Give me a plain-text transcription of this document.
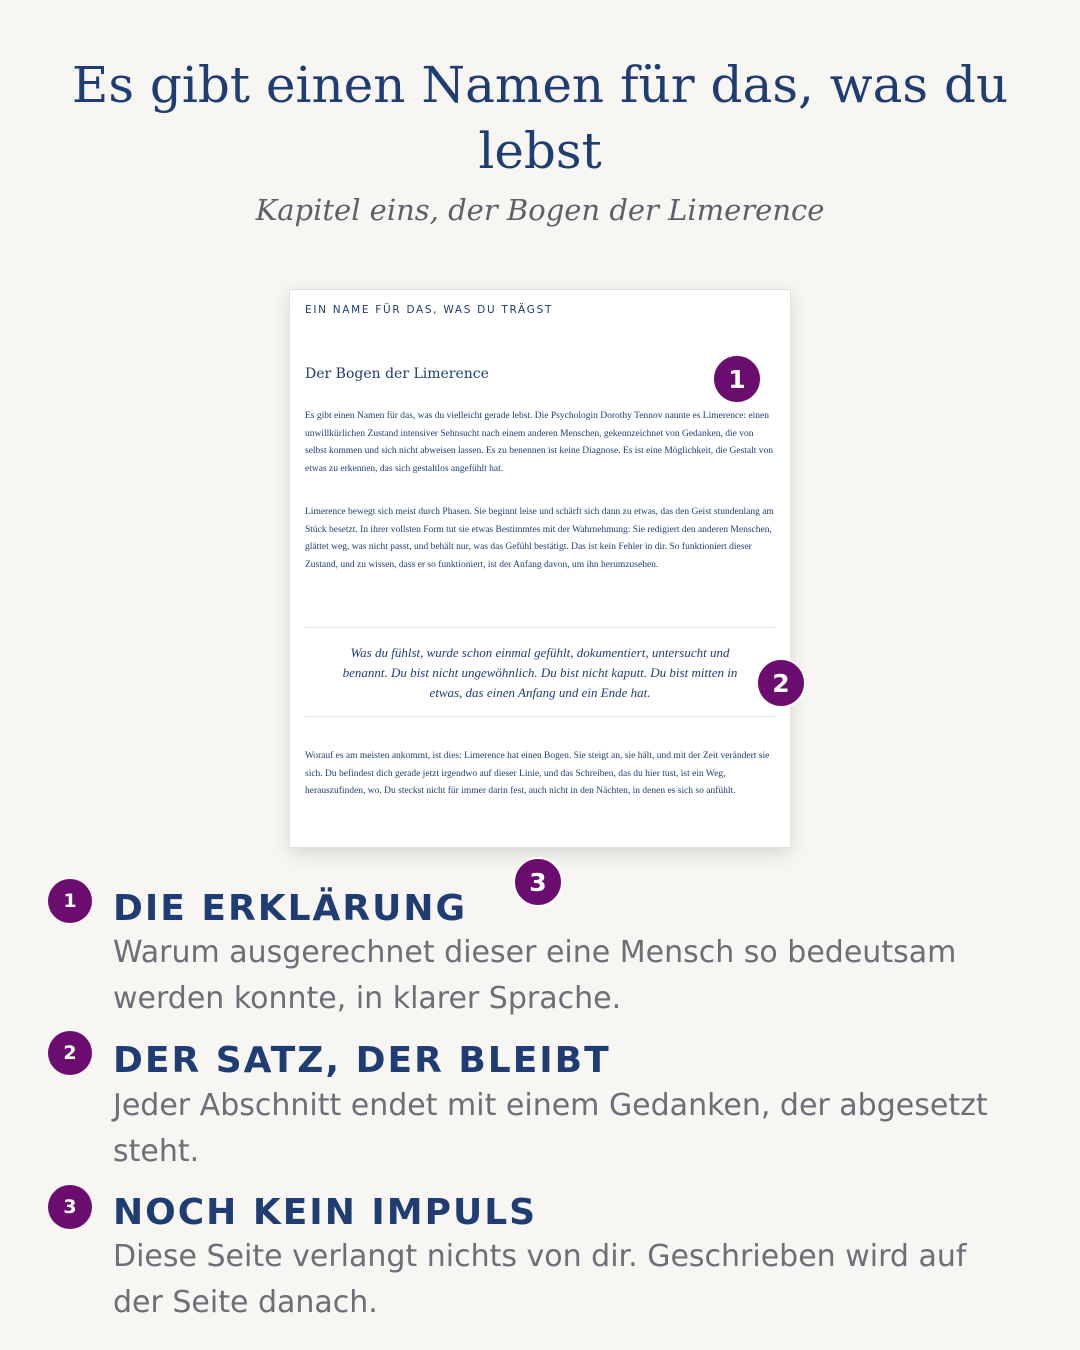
Es gibt einen Namen für das, was du lebst
Kapitel eins, der Bogen der Limerence
EIN NAME FÜR DAS, WAS DU TRÄGST
Der Bogen der Limerence

Es gibt einen Namen für das, was du vielleicht gerade lebst. Die Psychologin Dorothy Tennov nannte es Limerence: einen unwillkürlichen Zustand intensiver Sehnsucht nach einem anderen Menschen, gekennzeichnet von Gedanken, die von selbst kommen und sich nicht abweisen lassen. Es zu benennen ist keine Diagnose. Es ist eine Möglichkeit, die Gestalt von etwas zu erkennen, das sich gestaltlos angefühlt hat.

Limerence bewegt sich meist durch Phasen. Sie beginnt leise und schärft sich dann zu etwas, das den Geist stundenlang am Stück besetzt. In ihrer vollsten Form tut sie etwas Bestimmtes mit der Wahrnehmung: Sie redigiert den anderen Menschen, glättet weg, was nicht passt, und behält nur, was das Gefühl bestätigt. Das ist kein Fehler in dir. So funktioniert dieser Zustand, und zu wissen, dass er so funktioniert, ist der Anfang davon, um ihn herumzusehen.

Was du fühlst, wurde schon einmal gefühlt, dokumentiert, untersucht und benannt. Du bist nicht ungewöhnlich. Du bist nicht kaputt. Du bist mitten in etwas, das einen Anfang und ein Ende hat.

Worauf es am meisten ankommt, ist dies: Limerence hat einen Bogen. Sie steigt an, sie hält, und mit der Zeit verändert sie sich. Du befindest dich gerade jetzt irgendwo auf dieser Linie, und das Schreiben, das du hier tust, ist ein Weg, herauszufinden, wo. Du steckst nicht für immer darin fest, auch nicht in den Nächten, in denen es sich so anfühlt.

1
2
3
1	DIE ERKLÄRUNG
Warum ausgerechnet dieser eine Mensch so bedeutsam werden konnte, in klarer Sprache.
2	DER SATZ, DER BLEIBT
Jeder Abschnitt endet mit einem Gedanken, der abgesetzt steht.
3	NOCH KEIN IMPULS
Diese Seite verlangt nichts von dir. Geschrieben wird auf der Seite danach.
